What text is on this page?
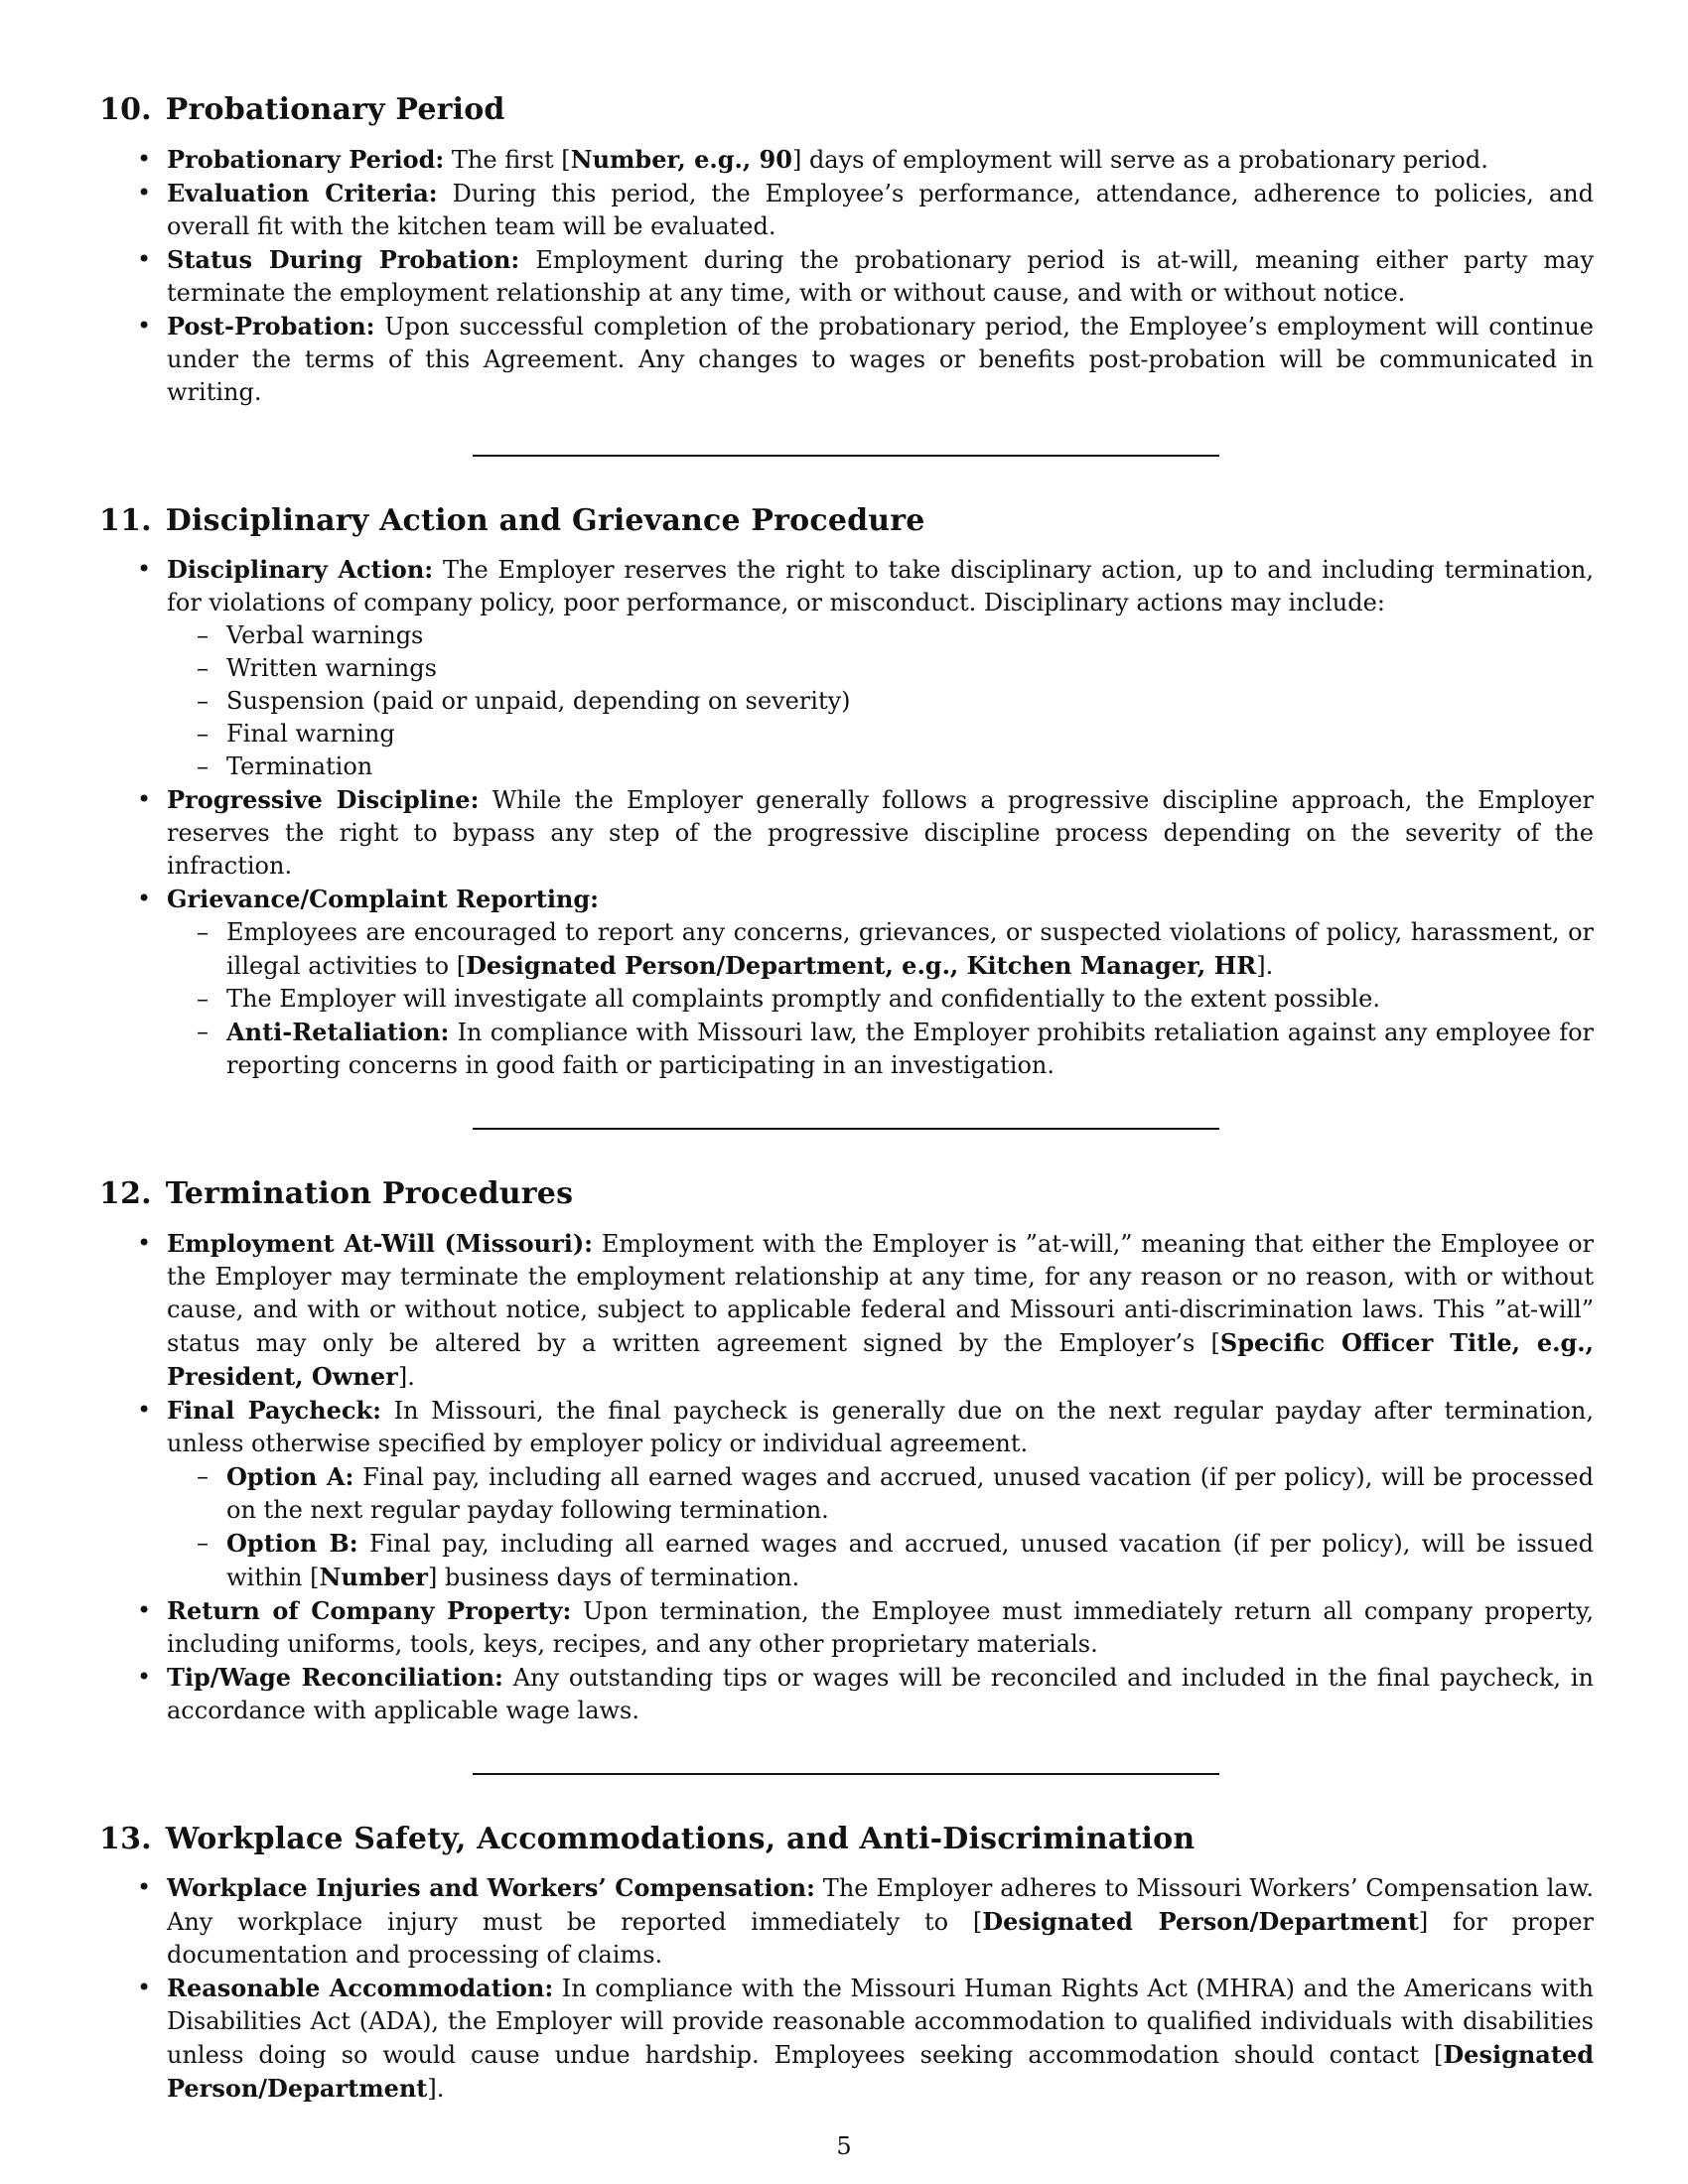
10. Probationary Period
• Probationary Period: The first [Number, e.g., 90] days of employment will serve as a probationary period.
• Evaluation Criteria: During this period, the Employee’s performance, attendance, adherence to policies, and overall fit with the kitchen team will be evaluated.
• Status During Probation: Employment during the probationary period is at-will, meaning either party may terminate the employment relationship at any time, with or without cause, and with or without notice.
• Post-Probation: Upon successful completion of the probationary period, the Employee’s employment will continue under the terms of this Agreement. Any changes to wages or benefits post-probation will be communicated in writing.
11. Disciplinary Action and Grievance Procedure
• Disciplinary Action: The Employer reserves the right to take disciplinary action, up to and including termination, for violations of company policy, poor performance, or misconduct. Disciplinary actions may include:
– Verbal warnings
– Written warnings
– Suspension (paid or unpaid, depending on severity)
– Final warning
– Termination
• Progressive Discipline: While the Employer generally follows a progressive discipline approach, the Employer reserves the right to bypass any step of the progressive discipline process depending on the severity of the infraction.
• Grievance/Complaint Reporting:
– Employees are encouraged to report any concerns, grievances, or suspected violations of policy, harassment, or illegal activities to [Designated Person/Department, e.g., Kitchen Manager, HR].
– The Employer will investigate all complaints promptly and confidentially to the extent possible.
– Anti-Retaliation: In compliance with Missouri law, the Employer prohibits retaliation against any employee for reporting concerns in good faith or participating in an investigation.
12. Termination Procedures
• Employment At-Will (Missouri): Employment with the Employer is ”at-will,” meaning that either the Employee or the Employer may terminate the employment relationship at any time, for any reason or no reason, with or without cause, and with or without notice, subject to applicable federal and Missouri anti-discrimination laws. This ”at-will” status may only be altered by a written agreement signed by the Employer’s [Specific Officer Title, e.g., President, Owner].
• Final Paycheck: In Missouri, the final paycheck is generally due on the next regular payday after termination, unless otherwise specified by employer policy or individual agreement.
– Option A: Final pay, including all earned wages and accrued, unused vacation (if per policy), will be processed on the next regular payday following termination.
– Option B: Final pay, including all earned wages and accrued, unused vacation (if per policy), will be issued within [Number] business days of termination.
• Return of Company Property: Upon termination, the Employee must immediately return all company property, including uniforms, tools, keys, recipes, and any other proprietary materials.
• Tip/Wage Reconciliation: Any outstanding tips or wages will be reconciled and included in the final paycheck, in accordance with applicable wage laws.
13. Workplace Safety, Accommodations, and Anti-Discrimination
• Workplace Injuries and Workers’ Compensation: The Employer adheres to Missouri Workers’ Compensation law. Any workplace injury must be reported immediately to [Designated Person/Department] for proper documentation and processing of claims.
• Reasonable Accommodation: In compliance with the Missouri Human Rights Act (MHRA) and the Americans with Disabilities Act (ADA), the Employer will provide reasonable accommodation to qualified individuals with disabilities unless doing so would cause undue hardship. Employees seeking accommodation should contact [Designated Person/Department].
5
